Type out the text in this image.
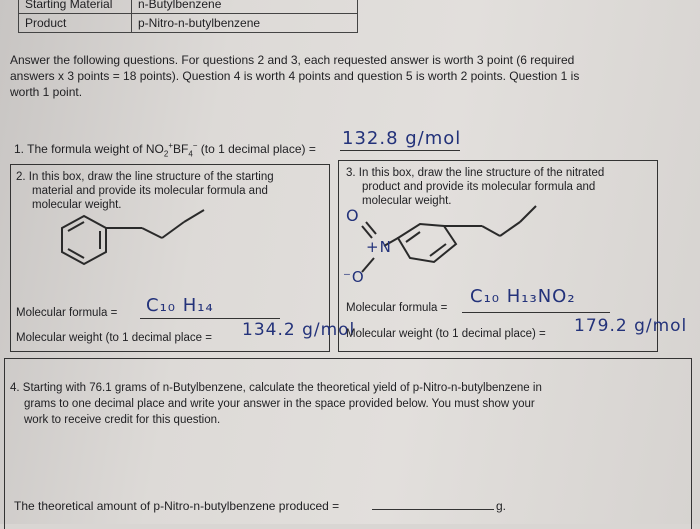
Starting Material	n-Butylbenzene
Product	p-Nitro-n-butylbenzene
Answer the following questions. For questions 2 and 3, each requested answer is worth 3 point (6 required
answers x 3 points = 18 points). Question 4 is worth 4 points and question 5 is worth 2 points. Question 1 is
worth 1 point.
1. The formula weight of $NO_2^+BF_4^-$ (to 1 decimal place) = 132.8 g/mol
2. In this box, draw the line structure of the starting
material and provide its molecular formula and
molecular weight.
Molecular formula = C₁₀ H₁₄
Molecular weight (to 1 decimal place = 134.2 g/mol
3. In this box, draw the line structure of the nitrated
product and provide its molecular formula and
molecular weight.
O
+N
⁻O
Molecular formula =
C₁₀ H₁₃NO₂
Molecular weight (to 1 decimal place) = 179.2 g/mol
4. Starting with 76.1 grams of n-Butylbenzene, calculate the theoretical yield of p-Nitro-n-butylbenzene in
grams to one decimal place and write your answer in the space provided below. You must show your
work to receive credit for this question.
The theoretical amount of p-Nitro-n-butylbenzene produced =	g.
